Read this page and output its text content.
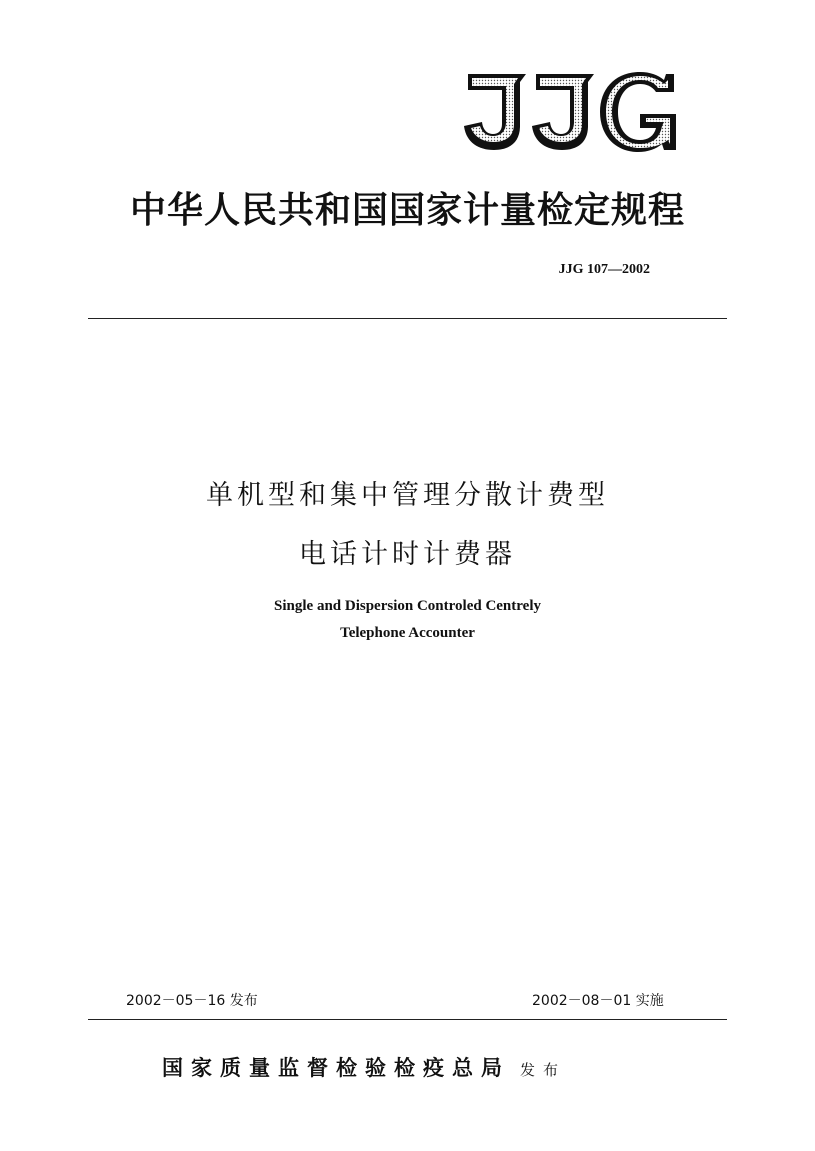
中华人民共和国国家计量检定规程
JJG 107—2002
单机型和集中管理分散计费型
电话计时计费器
Single and Dispersion Controled Centrely
Telephone Accounter
2002－05－16 发布	2002－08－01 实施
国家质量监督检验检疫总局 发布
